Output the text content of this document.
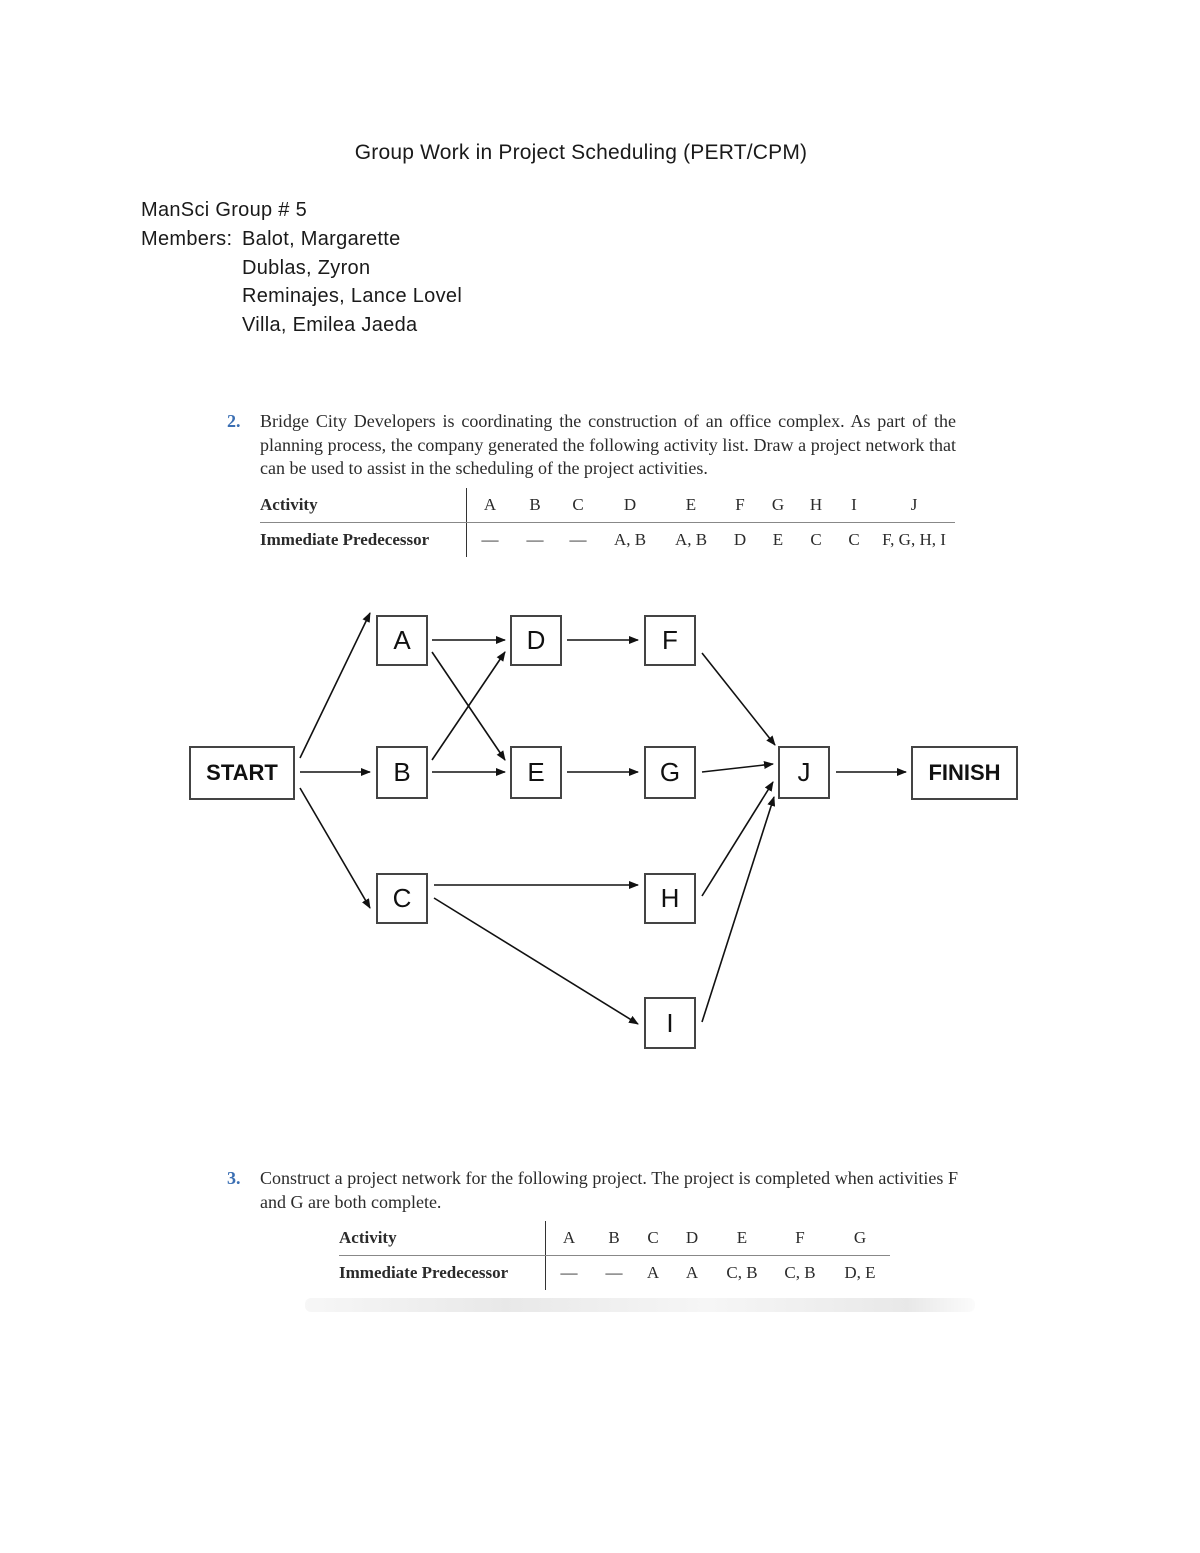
Group Work in Project Scheduling (PERT/CPM)
ManSci Group # 5
Members: Balot, Margarette
Dublas, Zyron
Reminajes, Lance Lovel
Villa, Emilea Jaeda
2. Bridge City Developers is coordinating the construction of an office complex. As part of the planning process, the company generated the following activity list. Draw a project network that can be used to assist in the scheduling of the project activities.
Activity	A	B	C	D	E	F	G	H	I	J
Immediate Predecessor	—	—	—	A, B	A, B	D	E	C	C	F, G, H, I
START
A
B
C
D
E
F
G
H
I
J	FINISH
3. Construct a project network for the following project. The project is completed when activities F and G are both complete.
Activity	A	B	C	D	E	F	G
Immediate Predecessor	—	—	A	A	C, B	C, B	D, E
